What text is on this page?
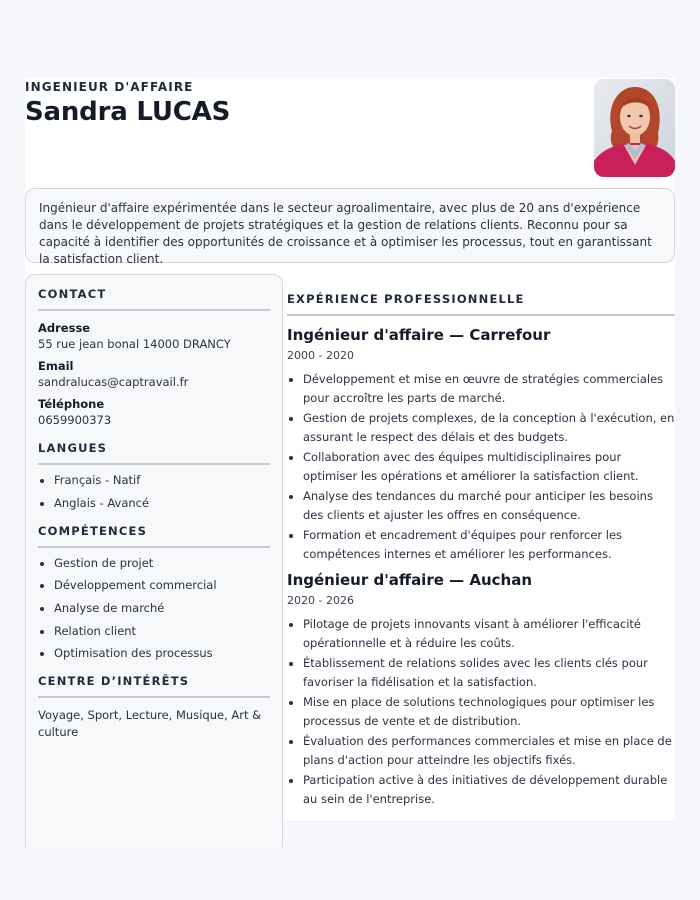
INGENIEUR D'AFFAIRE
Sandra LUCAS
Ingénieur d'affaire expérimentée dans le secteur agroalimentaire, avec plus de 20 ans d'expérience dans le développement de projets stratégiques et la gestion de relations clients. Reconnu pour sa capacité à identifier des opportunités de croissance et à optimiser les processus, tout en garantissant la satisfaction client.
CONTACT
Adresse
55 rue jean bonal 14000 DRANCY
Email
sandralucas@captravail.fr
Téléphone
0659900373
LANGUES
• Français - Natif
• Anglais - Avancé
COMPÉTENCES
• Gestion de projet
• Développement commercial
• Analyse de marché
• Relation client
• Optimisation des processus
CENTRE D’INTÉRÊTS
Voyage, Sport, Lecture, Musique, Art & culture
EXPÉRIENCE PROFESSIONNELLE
Ingénieur d'affaire — Carrefour
2000 - 2020
• Développement et mise en œuvre de stratégies commerciales pour accroître les parts de marché.
• Gestion de projets complexes, de la conception à l'exécution, en assurant le respect des délais et des budgets.
• Collaboration avec des équipes multidisciplinaires pour optimiser les opérations et améliorer la satisfaction client.
• Analyse des tendances du marché pour anticiper les besoins des clients et ajuster les offres en conséquence.
• Formation et encadrement d'équipes pour renforcer les compétences internes et améliorer les performances.
Ingénieur d'affaire — Auchan
2020 - 2026
• Pilotage de projets innovants visant à améliorer l'efficacité opérationnelle et à réduire les coûts.
• Établissement de relations solides avec les clients clés pour favoriser la fidélisation et la satisfaction.
• Mise en place de solutions technologiques pour optimiser les processus de vente et de distribution.
• Évaluation des performances commerciales et mise en place de plans d'action pour atteindre les objectifs fixés.
• Participation active à des initiatives de développement durable au sein de l'entreprise.
